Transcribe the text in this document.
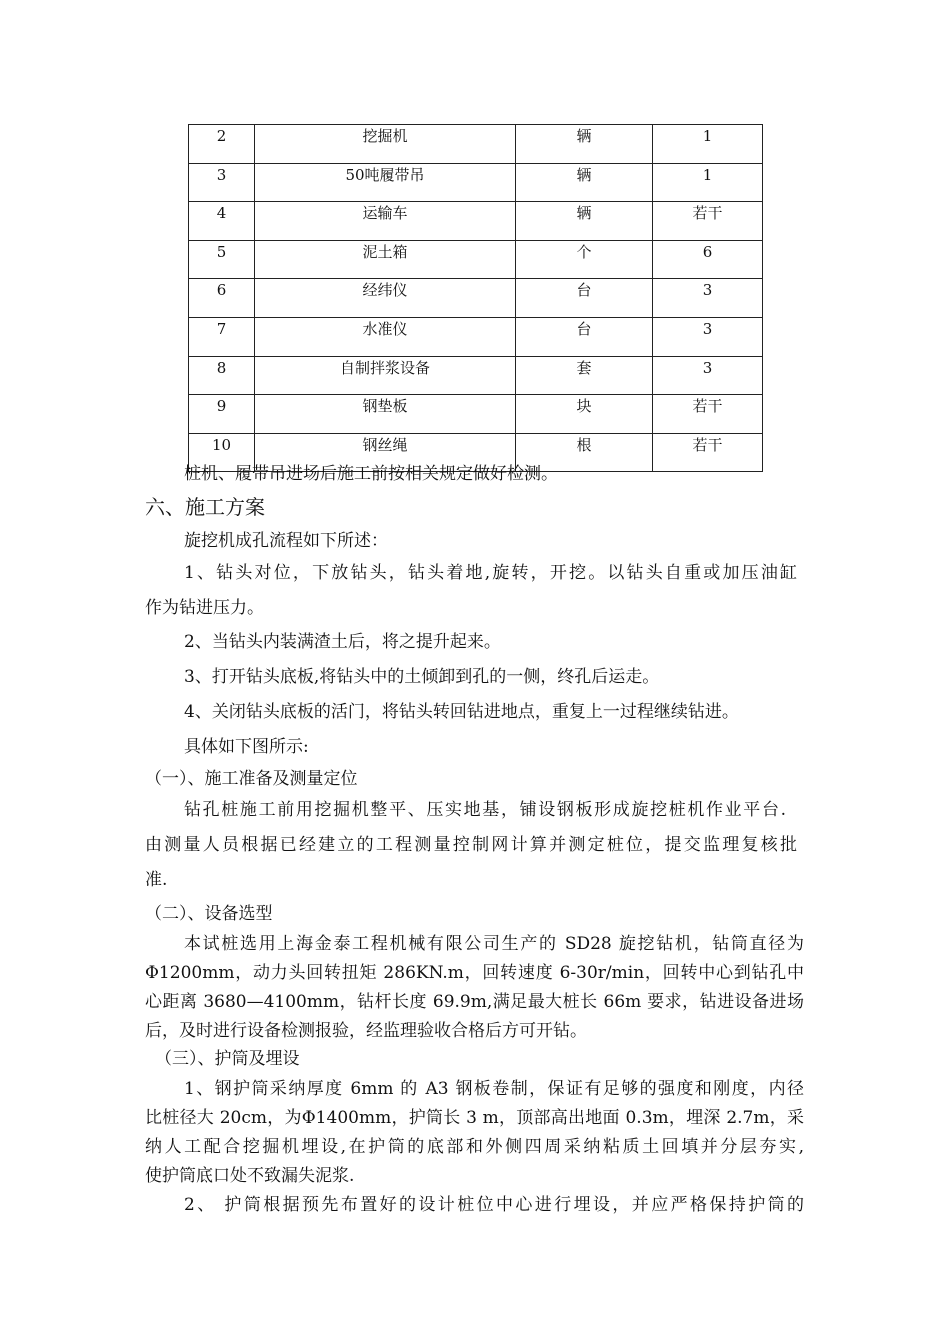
2	挖掘机	辆	1
3	50吨履带吊	辆	1
4	运输车	辆	若干
5	泥土箱	个	6
6	经纬仪	台	3
7	水准仪	台	3
8	自制拌浆设备	套	3
9	钢垫板	块	若干
10	钢丝绳	根	若干
桩机、履带吊进场后施工前按相关规定做好检测。
六、施工方案
旋挖机成孔流程如下所述：
1、钻头对位，下放钻头，钻头着地,旋转，开挖。以钻头自重或加压油缸
作为钻进压力。
2、当钻头内装满渣土后，将之提升起来。
3、打开钻头底板,将钻头中的土倾卸到孔的一侧，终孔后运走。
4、关闭钻头底板的活门，将钻头转回钻进地点，重复上一过程继续钻进。
具体如下图所示:
（一）、施工准备及测量定位
钻孔桩施工前用挖掘机整平、压实地基，铺设钢板形成旋挖桩机作业平台.
由测量人员根据已经建立的工程测量控制网计算并测定桩位，提交监理复核批
准.
（二）、设备选型
本试桩选用上海金泰工程机械有限公司生产的 SD28 旋挖钻机，钻筒直径为
Φ1200mm，动力头回转扭矩 286KN.m，回转速度 6-30r/min，回转中心到钻孔中
心距离 3680—4100mm，钻杆长度 69.9m,满足最大桩长 66m 要求，钻进设备进场
后，及时进行设备检测报验，经监理验收合格后方可开钻。
（三）、护筒及埋设
1、钢护筒采纳厚度 6mm 的 A3 钢板卷制，保证有足够的强度和刚度，内径
比桩径大 20cm，为Φ1400mm，护筒长 3 m，顶部高出地面 0.3m，埋深 2.7m，采
纳人工配合挖掘机埋设,在护筒的底部和外侧四周采纳粘质土回填并分层夯实,
使护筒底口处不致漏失泥浆.
2、 护筒根据预先布置好的设计桩位中心进行埋设，并应严格保持护筒的
